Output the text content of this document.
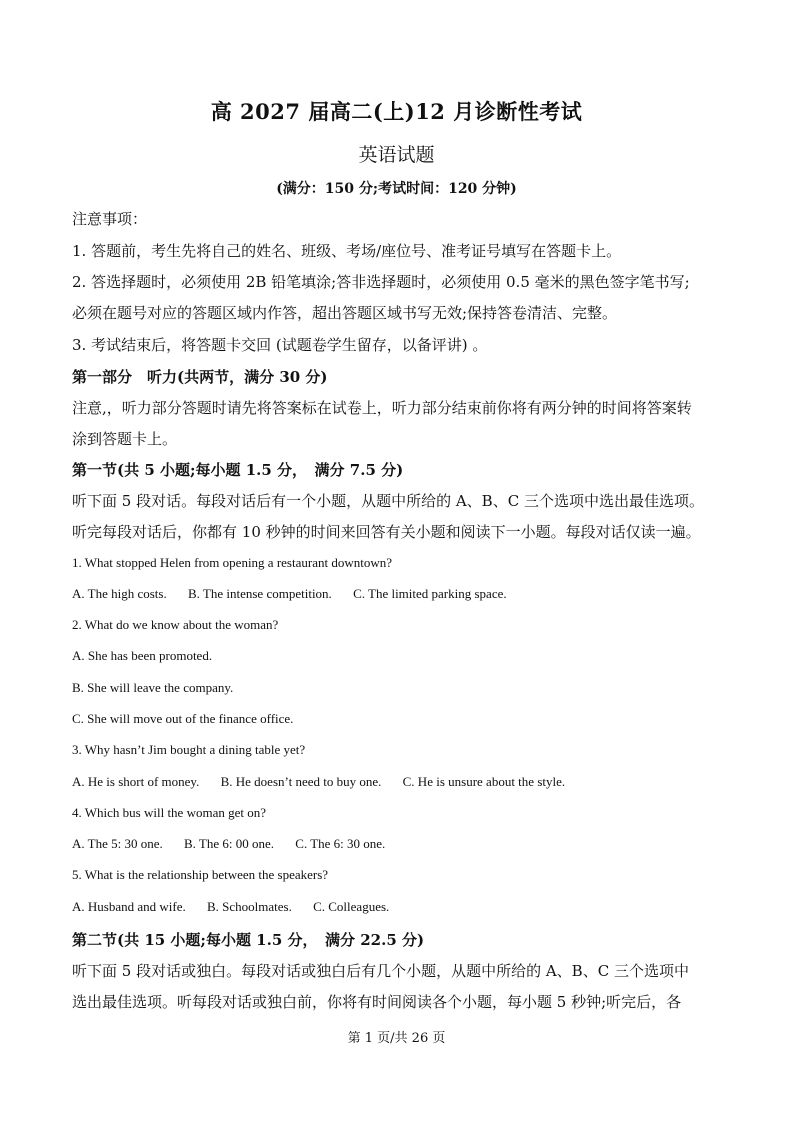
高 2027 届高二(上)12 月诊断性考试
英语试题
(满分：150 分;考试时间：120 分钟)
注意事项：
1. 答题前，考生先将自己的姓名、班级、考场/座位号、准考证号填写在答题卡上。
2. 答选择题时，必须使用 2B 铅笔填涂;答非选择题时，必须使用 0.5 毫米的黑色签字笔书写;
必须在题号对应的答题区域内作答，超出答题区域书写无效;保持答卷清洁、完整。
3. 考试结束后，将答题卡交回 (试题卷学生留存，以备评讲) 。
第一部分　听力(共两节，满分 30 分)
注意,，听力部分答题时请先将答案标在试卷上，听力部分结束前你将有两分钟的时间将答案转
涂到答题卡上。
第一节(共 5 小题;每小题 1.5 分，　满分 7.5 分)
听下面 5 段对话。每段对话后有一个小题，从题中所给的 A、B、C 三个选项中选出最佳选项。
听完每段对话后，你都有 10 秒钟的时间来回答有关小题和阅读下一小题。每段对话仅读一遍。
1. What stopped Helen from opening a restaurant downtown?
A. The high costs. B. The intense competition. C. The limited parking space.
2. What do we know about the woman?
A. She has been promoted.
B. She will leave the company.
C. She will move out of the finance office.
3. Why hasn’t Jim bought a dining table yet?
A. He is short of money. B. He doesn’t need to buy one. C. He is unsure about the style.
4. Which bus will the woman get on?
A. The 5: 30 one. B. The 6: 00 one. C. The 6: 30 one.
5. What is the relationship between the speakers?
A. Husband and wife. B. Schoolmates. C. Colleagues.
第二节(共 15 小题;每小题 1.5 分，　满分 22.5 分)
听下面 5 段对话或独白。每段对话或独白后有几个小题，从题中所给的 A、B、C 三个选项中
选出最佳选项。听每段对话或独白前，你将有时间阅读各个小题，每小题 5 秒钟;听完后，各
第 1 页/共 26 页
